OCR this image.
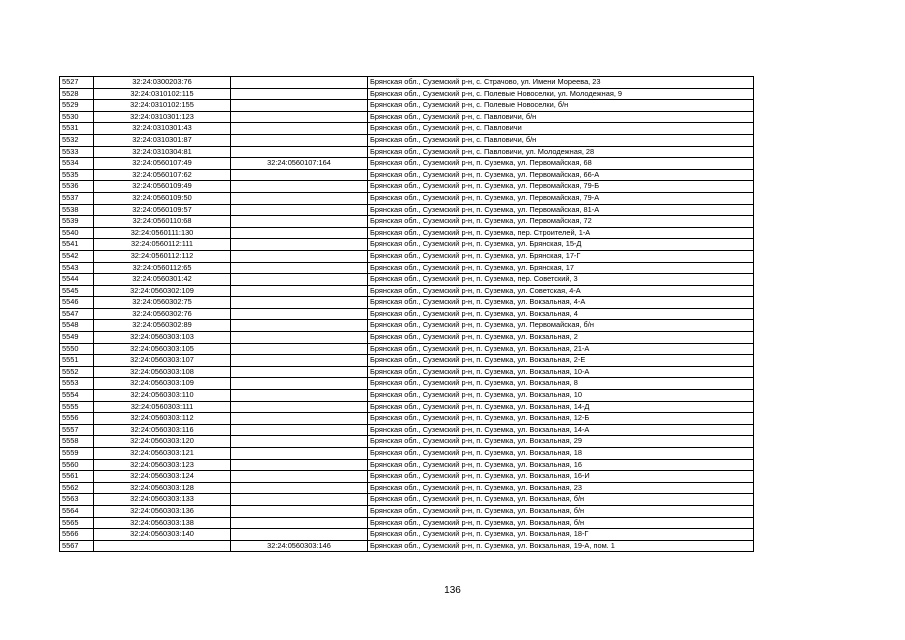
5527	32:24:0300203:76		Брянская обл., Суземский р-н, с. Страчово, ул. Имени Мореева, 23
5528	32:24:0310102:115		Брянская обл., Суземский р-н, с. Полевые Новоселки, ул. Молодежная, 9
5529	32:24:0310102:155		Брянская обл., Суземский р-н, с. Полевые Новоселки, б/н
5530	32:24:0310301:123		Брянская обл., Суземский р-н, с. Павловичи, б/н
5531	32:24:0310301:43		Брянская обл., Суземский р-н, с. Павловичи
5532	32:24:0310301:87		Брянская обл., Суземский р-н, с. Павловичи, б/н
5533	32:24:0310304:81		Брянская обл., Суземский р-н, с. Павловичи, ул. Молодежная, 28
5534	32:24:0560107:49	32:24:0560107:164	Брянская обл., Суземский р-н, п. Суземка, ул. Первомайская, 68
5535	32:24:0560107:62		Брянская обл., Суземский р-н, п. Суземка, ул. Первомайская, 66-А
5536	32:24:0560109:49		Брянская обл., Суземский р-н, п. Суземка, ул. Первомайская, 79-Б
5537	32:24:0560109:50		Брянская обл., Суземский р-н, п. Суземка, ул. Первомайская, 79-А
5538	32:24:0560109:57		Брянская обл., Суземский р-н, п. Суземка, ул. Первомайская, 81-А
5539	32:24:0560110:68		Брянская обл., Суземский р-н, п. Суземка, ул. Первомайская, 72
5540	32:24:0560111:130		Брянская обл., Суземский р-н, п. Суземка, пер. Строителей, 1-А
5541	32:24:0560112:111		Брянская обл., Суземский р-н, п. Суземка, ул. Брянская, 15-Д
5542	32:24:0560112:112		Брянская обл., Суземский р-н, п. Суземка, ул. Брянская, 17-Г
5543	32:24:0560112:65		Брянская обл., Суземский р-н, п. Суземка, ул. Брянская, 17
5544	32:24:0560301:42		Брянская обл., Суземский р-н, п. Суземка, пер. Советский, 3
5545	32:24:0560302:109		Брянская обл., Суземский р-н, п. Суземка, ул. Советская, 4-А
5546	32:24:0560302:75		Брянская обл., Суземский р-н, п. Суземка, ул. Вокзальная, 4-А
5547	32:24:0560302:76		Брянская обл., Суземский р-н, п. Суземка, ул. Вокзальная, 4
5548	32:24:0560302:89		Брянская обл., Суземский р-н, п. Суземка, ул. Первомайская, б/н
5549	32:24:0560303:103		Брянская обл., Суземский р-н, п. Суземка, ул. Вокзальная, 2
5550	32:24:0560303:105		Брянская обл., Суземский р-н, п. Суземка, ул. Вокзальная, 21-А
5551	32:24:0560303:107		Брянская обл., Суземский р-н, п. Суземка, ул. Вокзальная, 2-Е
5552	32:24:0560303:108		Брянская обл., Суземский р-н, п. Суземка, ул. Вокзальная, 10-А
5553	32:24:0560303:109		Брянская обл., Суземский р-н, п. Суземка, ул. Вокзальная, 8
5554	32:24:0560303:110		Брянская обл., Суземский р-н, п. Суземка, ул. Вокзальная, 10
5555	32:24:0560303:111		Брянская обл., Суземский р-н, п. Суземка, ул. Вокзальная, 14-Д
5556	32:24:0560303:112		Брянская обл., Суземский р-н, п. Суземка, ул. Вокзальная, 12-Б
5557	32:24:0560303:116		Брянская обл., Суземский р-н, п. Суземка, ул. Вокзальная, 14-А
5558	32:24:0560303:120		Брянская обл., Суземский р-н, п. Суземка, ул. Вокзальная, 29
5559	32:24:0560303:121		Брянская обл., Суземский р-н, п. Суземка, ул. Вокзальная, 18
5560	32:24:0560303:123		Брянская обл., Суземский р-н, п. Суземка, ул. Вокзальная, 16
5561	32:24:0560303:124		Брянская обл., Суземский р-н, п. Суземка, ул. Вокзальная, 16-И
5562	32:24:0560303:128		Брянская обл., Суземский р-н, п. Суземка, ул. Вокзальная, 23
5563	32:24:0560303:133		Брянская обл., Суземский р-н, п. Суземка, ул. Вокзальная, б/н
5564	32:24:0560303:136		Брянская обл., Суземский р-н, п. Суземка, ул. Вокзальная, б/н
5565	32:24:0560303:138		Брянская обл., Суземский р-н, п. Суземка, ул. Вокзальная, б/н
5566	32:24:0560303:140		Брянская обл., Суземский р-н, п. Суземка, ул. Вокзальная, 18-Г
5567		32:24:0560303:146	Брянская обл., Суземский р-н, п. Суземка, ул. Вокзальная, 19-А, пом. 1
136
